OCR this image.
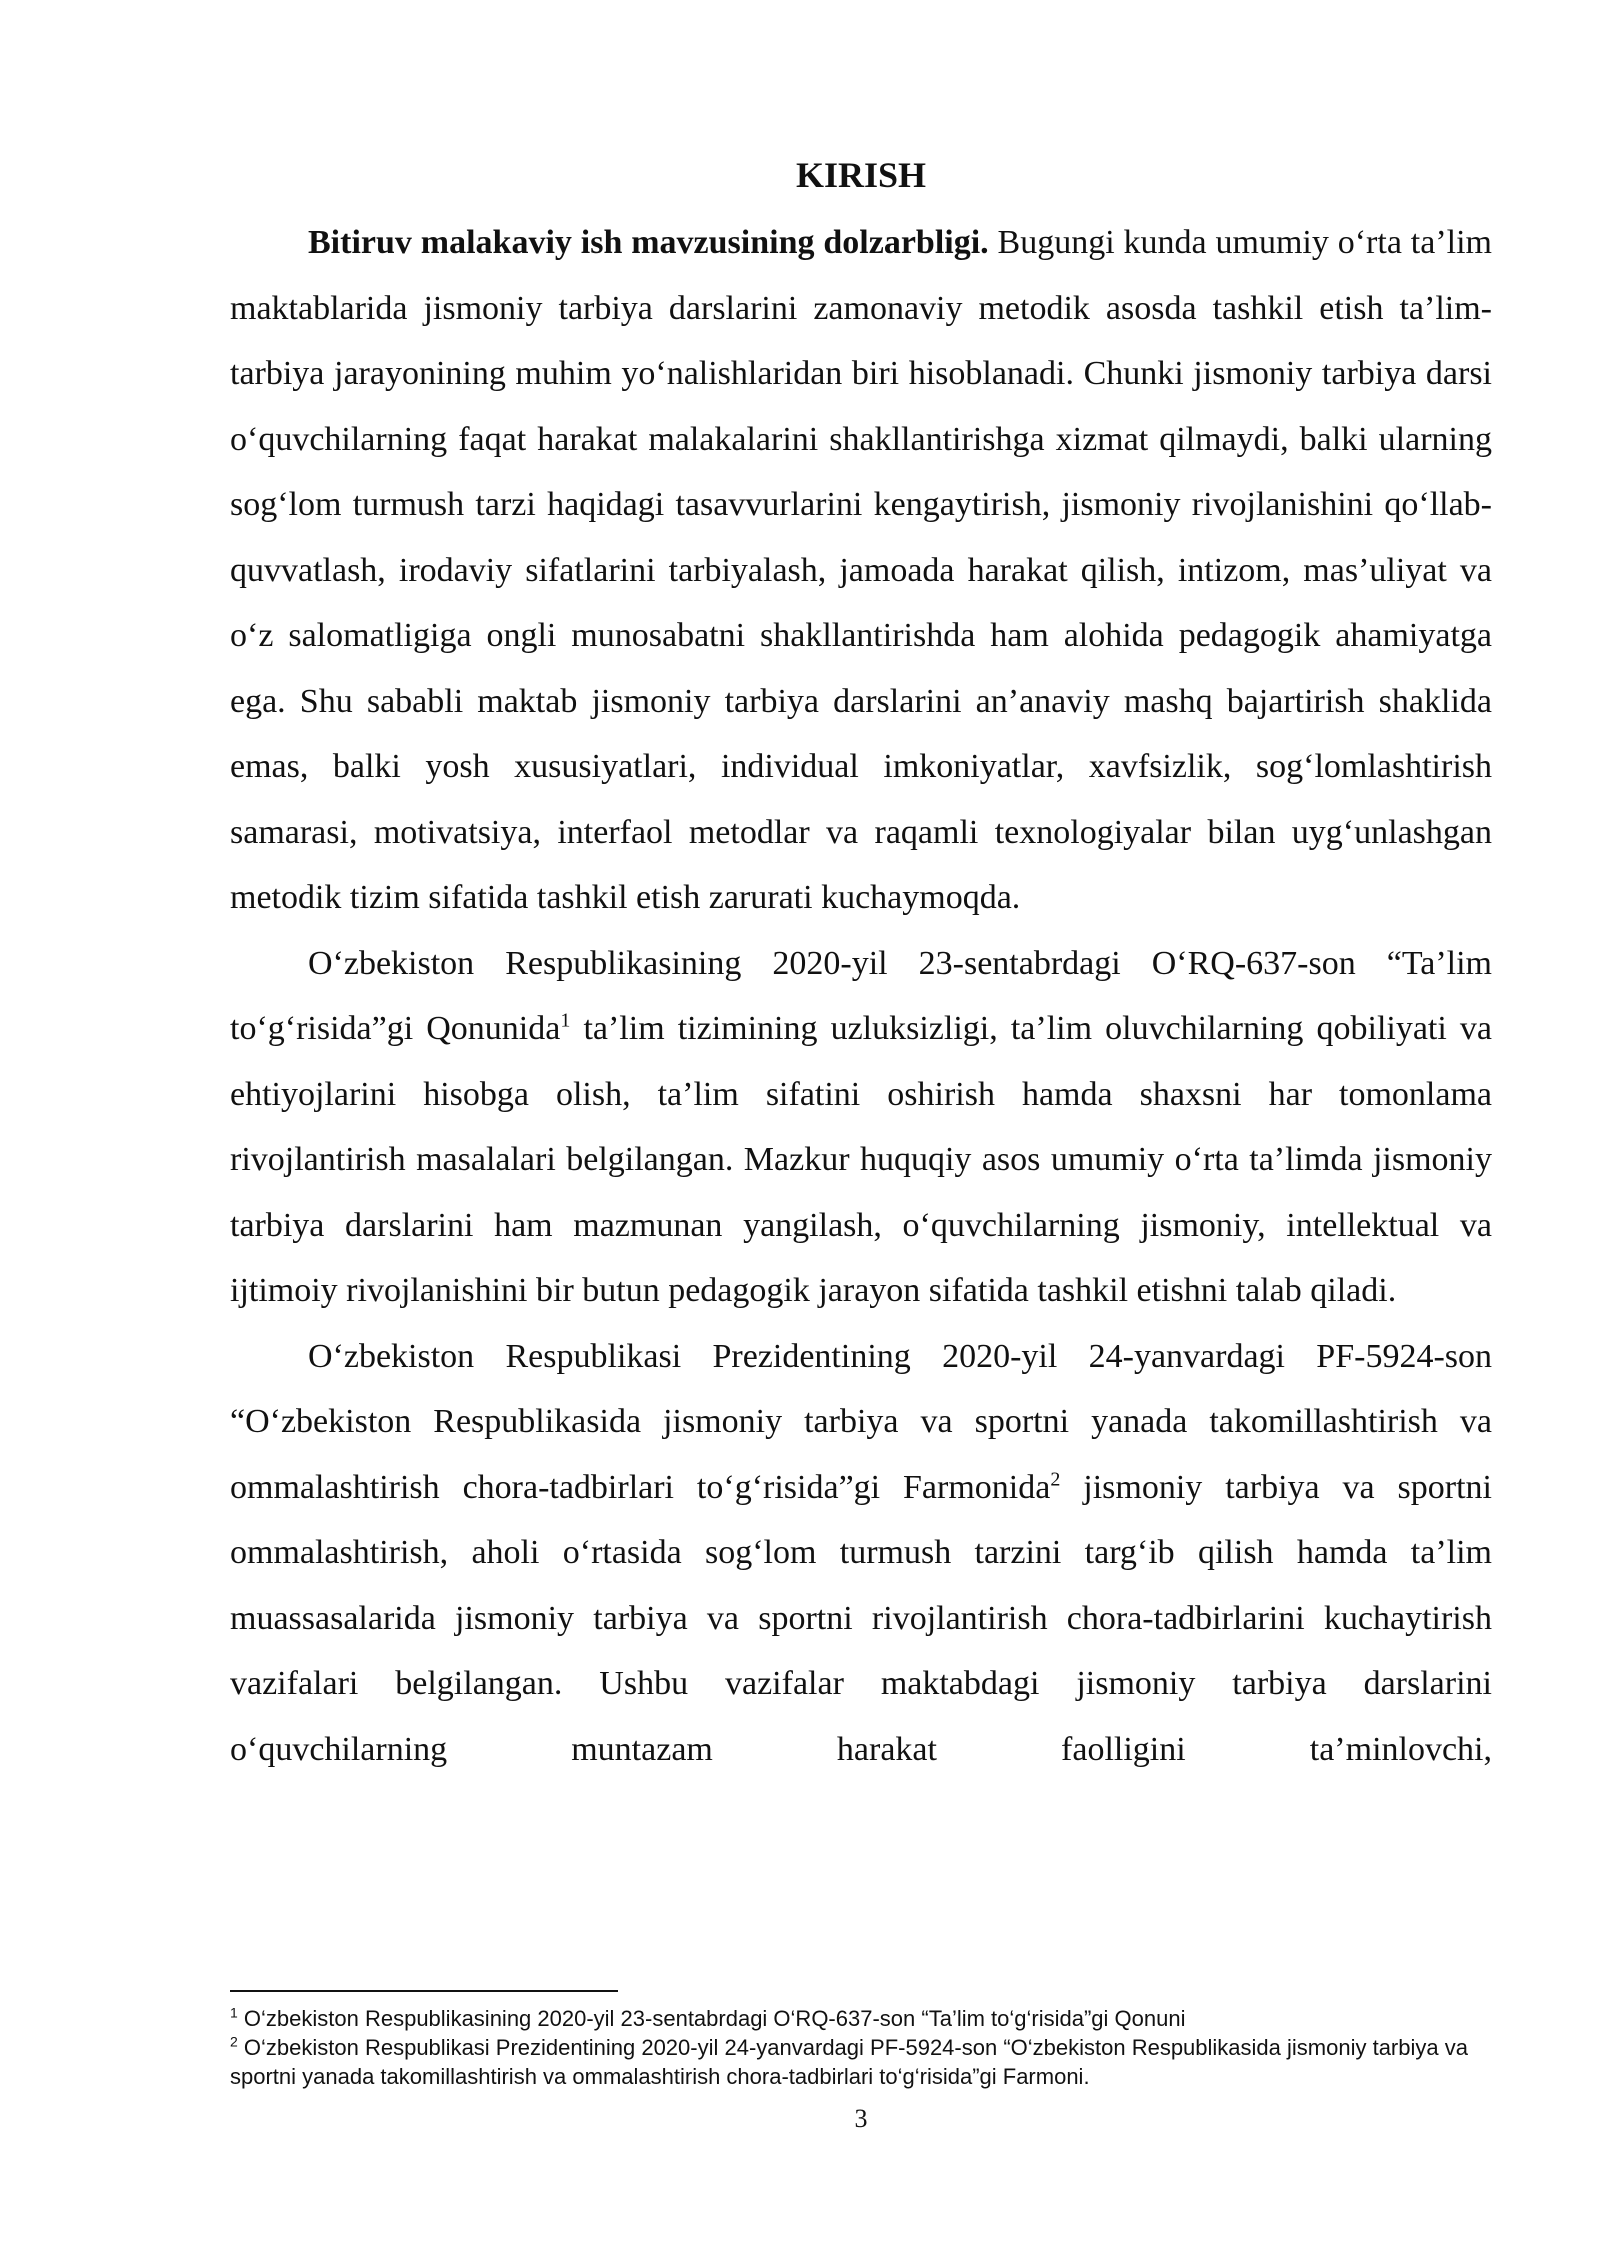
KIRISH

Bitiruv malakaviy ish mavzusining dolzarbligi. Bugungi kunda umumiy o‘rta ta’lim maktablarida jismoniy tarbiya darslarini zamonaviy metodik asosda tashkil etish ta’lim-tarbiya jarayonining muhim yo‘nalishlaridan biri hisoblanadi. Chunki jismoniy tarbiya darsi o‘quvchilarning faqat harakat malakalarini shakllantirishga xizmat qilmaydi, balki ularning sog‘lom turmush tarzi haqidagi tasavvurlarini kengaytirish, jismoniy rivojlanishini qo‘llab-quvvatlash, irodaviy sifatlarini tarbiyalash, jamoada harakat qilish, intizom, mas’uliyat va o‘z salomatligiga ongli munosabatni shakllantirishda ham alohida pedagogik ahamiyatga ega. Shu sababli maktab jismoniy tarbiya darslarini an’anaviy mashq bajartirish shaklida emas, balki yosh xususiyatlari, individual imkoniyatlar, xavfsizlik, sog‘lomlashtirish samarasi, motivatsiya, interfaol metodlar va raqamli texnologiyalar bilan uyg‘unlashgan metodik tizim sifatida tashkil etish zarurati kuchaymoqda.

O‘zbekiston Respublikasining 2020-yil 23-sentabrdagi O‘RQ-637-son “Ta’lim to‘g‘risida”gi Qonunida$^1$ ta’lim tizimining uzluksizligi, ta’lim oluvchilarning qobiliyati va ehtiyojlarini hisobga olish, ta’lim sifatini oshirish hamda shaxsni har tomonlama rivojlantirish masalalari belgilangan. Mazkur huquqiy asos umumiy o‘rta ta’limda jismoniy tarbiya darslarini ham mazmunan yangilash, o‘quvchilarning jismoniy, intellektual va ijtimoiy rivojlanishini bir butun pedagogik jarayon sifatida tashkil etishni talab qiladi.

O‘zbekiston Respublikasi Prezidentining 2020-yil 24-yanvardagi PF-5924-son “O‘zbekiston Respublikasida jismoniy tarbiya va sportni yanada takomillashtirish va ommalashtirish chora-tadbirlari to‘g‘risida”gi Farmonida$^2$ jismoniy tarbiya va sportni ommalashtirish, aholi o‘rtasida sog‘lom turmush tarzini targ‘ib qilish hamda ta’lim muassasalarida jismoniy tarbiya va sportni rivojlantirish chora-tadbirlarini kuchaytirish vazifalari belgilangan. Ushbu vazifalar maktabdagi jismoniy tarbiya darslarini o‘quvchilarning muntazam harakat faolligini ta’minlovchi,

$^1$ O‘zbekiston Respublikasining 2020-yil 23-sentabrdagi O‘RQ-637-son “Ta’lim to‘g‘risida”gi Qonuni

$^2$ O‘zbekiston Respublikasi Prezidentining 2020-yil 24-yanvardagi PF-5924-son “O‘zbekiston Respublikasida jismoniy tarbiya va sportni yanada takomillashtirish va ommalashtirish chora-tadbirlari to‘g‘risida”gi Farmoni.

3
